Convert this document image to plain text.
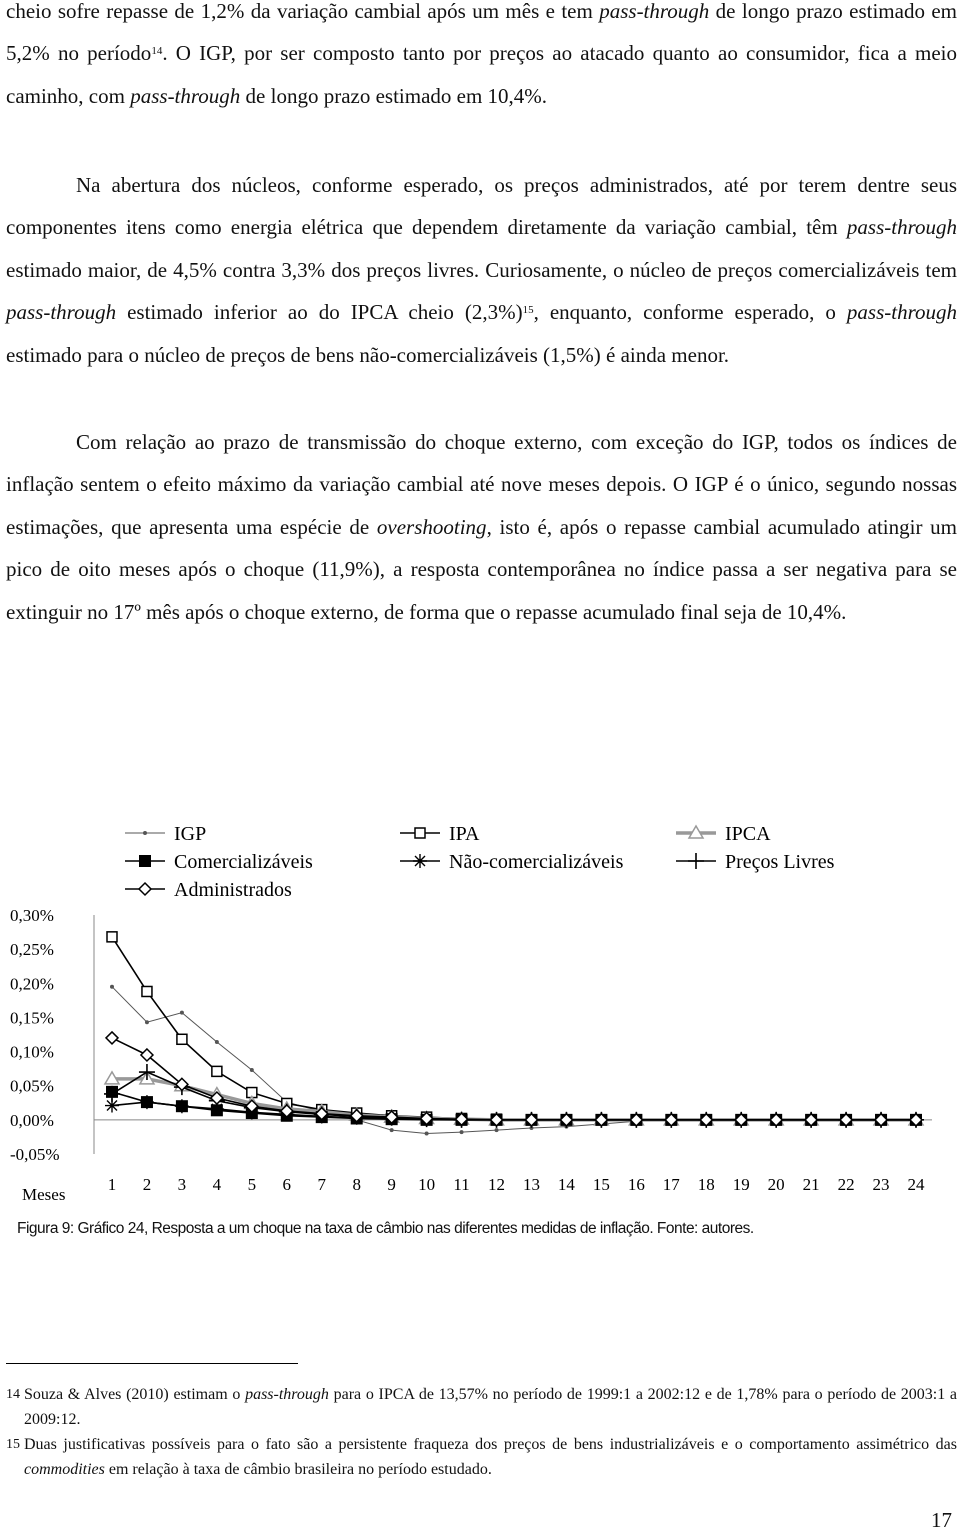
cheio sofre repasse de 1,2% da variação cambial após um mês e tem pass-through de longo prazo estimado em 5,2% no período$^{14}$. O IGP, por ser composto tanto por preços ao atacado quanto ao consumidor, fica a meio caminho, com pass-through de longo prazo estimado em 10,4%.

Na abertura dos núcleos, conforme esperado, os preços administrados, até por terem dentre seus componentes itens como energia elétrica que dependem diretamente da variação cambial, têm pass-through estimado maior, de 4,5% contra 3,3% dos preços livres. Curiosamente, o núcleo de preços comercializáveis tem pass-through estimado inferior ao do IPCA cheio $(2,3\%)^{15}$, enquanto, conforme esperado, o pass-through estimado para o núcleo de preços de bens não-comercializáveis (1,5%) é ainda menor.

Com relação ao prazo de transmissão do choque externo, com exceção do IGP, todos os índices de inflação sentem o efeito máximo da variação cambial até nove meses depois. O IGP é o único, segundo nossas estimações, que apresenta uma espécie de overshooting, isto é, após o repasse cambial acumulado atingir um pico de oito meses após o choque (11,9%), a resposta contemporânea no índice passa a ser negativa para se extinguir no 17º mês após o choque externo, de forma que o repasse acumulado final seja de 10,4%.

IGP	IPA	IPCA
Comercializáveis	Não-comercializáveis	Preços Livres
Administrados
0,30%
0,25%
0,20%
0,15%
0,10%
0,05%
0,00%
-0,05%
1 2 3 4 5 6 7 8 9 10 11 12 13 14 15 16 17 18 19 20 21 22 23 24
Meses
Figura 9: Gráfico 24, Resposta a um choque na taxa de câmbio nas diferentes medidas de inflação. Fonte: autores.

14 Souza & Alves (2010) estimam o pass-through para o IPCA de 13,57% no período de 1999:1 a 2002:12 e de 1,78% para o período de 2003:1 a 2009:12.

15 Duas justificativas possíveis para o fato são a persistente fraqueza dos preços de bens industrializáveis e o comportamento assimétrico das commodities em relação à taxa de câmbio brasileira no período estudado.

17
